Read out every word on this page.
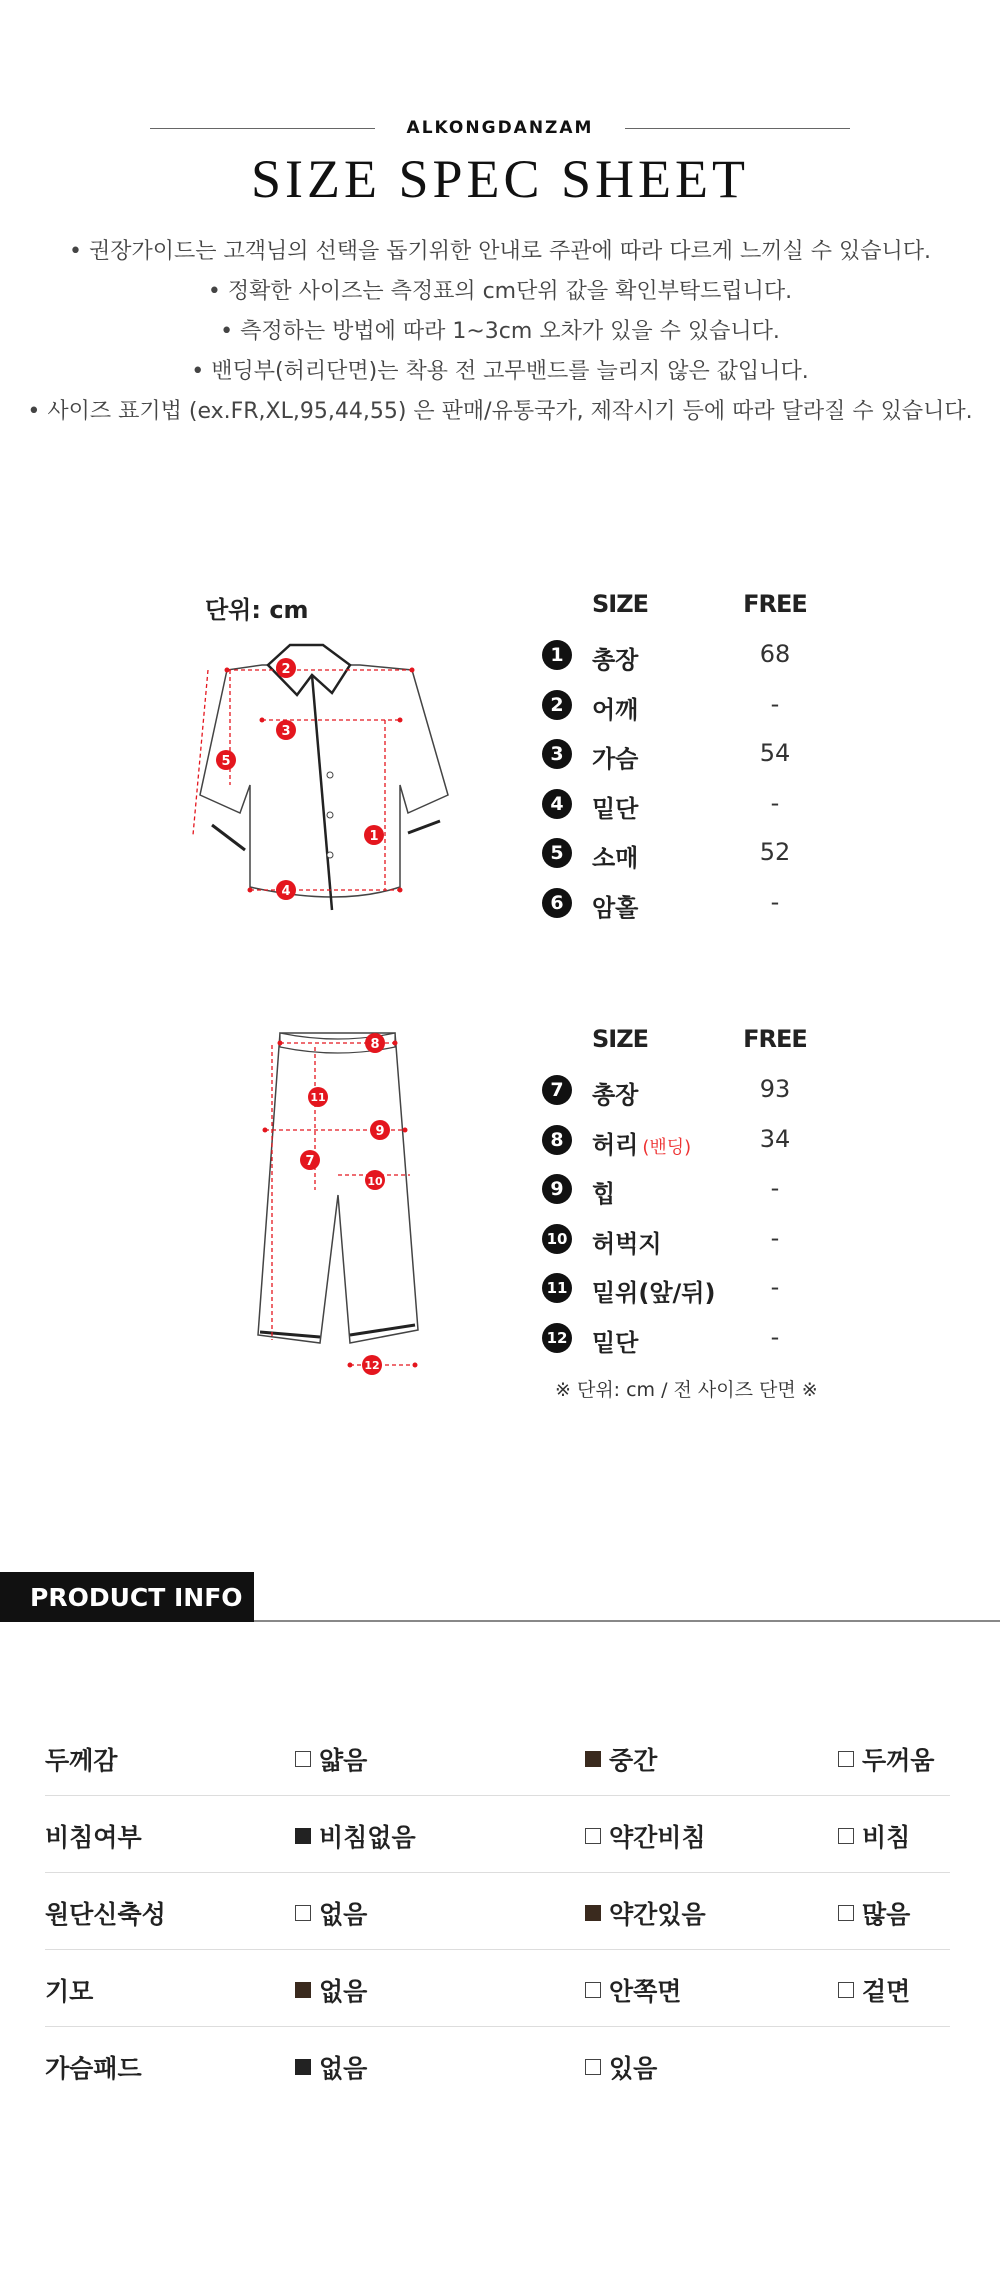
ALKONGDANZAM
SIZE SPEC SHEET
• 권장가이드는 고객님의 선택을 돕기위한 안내로 주관에 따라 다르게 느끼실 수 있습니다.
• 정확한 사이즈는 측정표의 cm단위 값을 확인부탁드립니다.
• 측정하는 방법에 따라 1~3cm 오차가 있을 수 있습니다.
• 밴딩부(허리단면)는 착용 전 고무밴드를 늘리지 않은 값입니다.
• 사이즈 표기법 (ex.FR,XL,95,44,55) 은 판매/유통국가, 제작시기 등에 따라 달라질 수 있습니다.
단위: cm
2
3
5
1
4
SIZE	FREE
1	총장	68
2	어깨	-
3	가슴	54
4	밑단	-
5	소매	52
6	암홀	-
7
8
9
10
11
12
SIZE	FREE
7	총장	93
8	허리 (밴딩)	34
9	힙	-
10 허벅지	-
11 밑위(앞/뒤)	-
12 밑단	-
※ 단위: cm / 전 사이즈 단면 ※
PRODUCT INFO
두께감	얇음	중간	두꺼움
비침여부	비침없음	약간비침	비침
원단신축성	없음	약간있음	많음
기모	없음	안쪽면	겉면
가슴패드	없음	있음
